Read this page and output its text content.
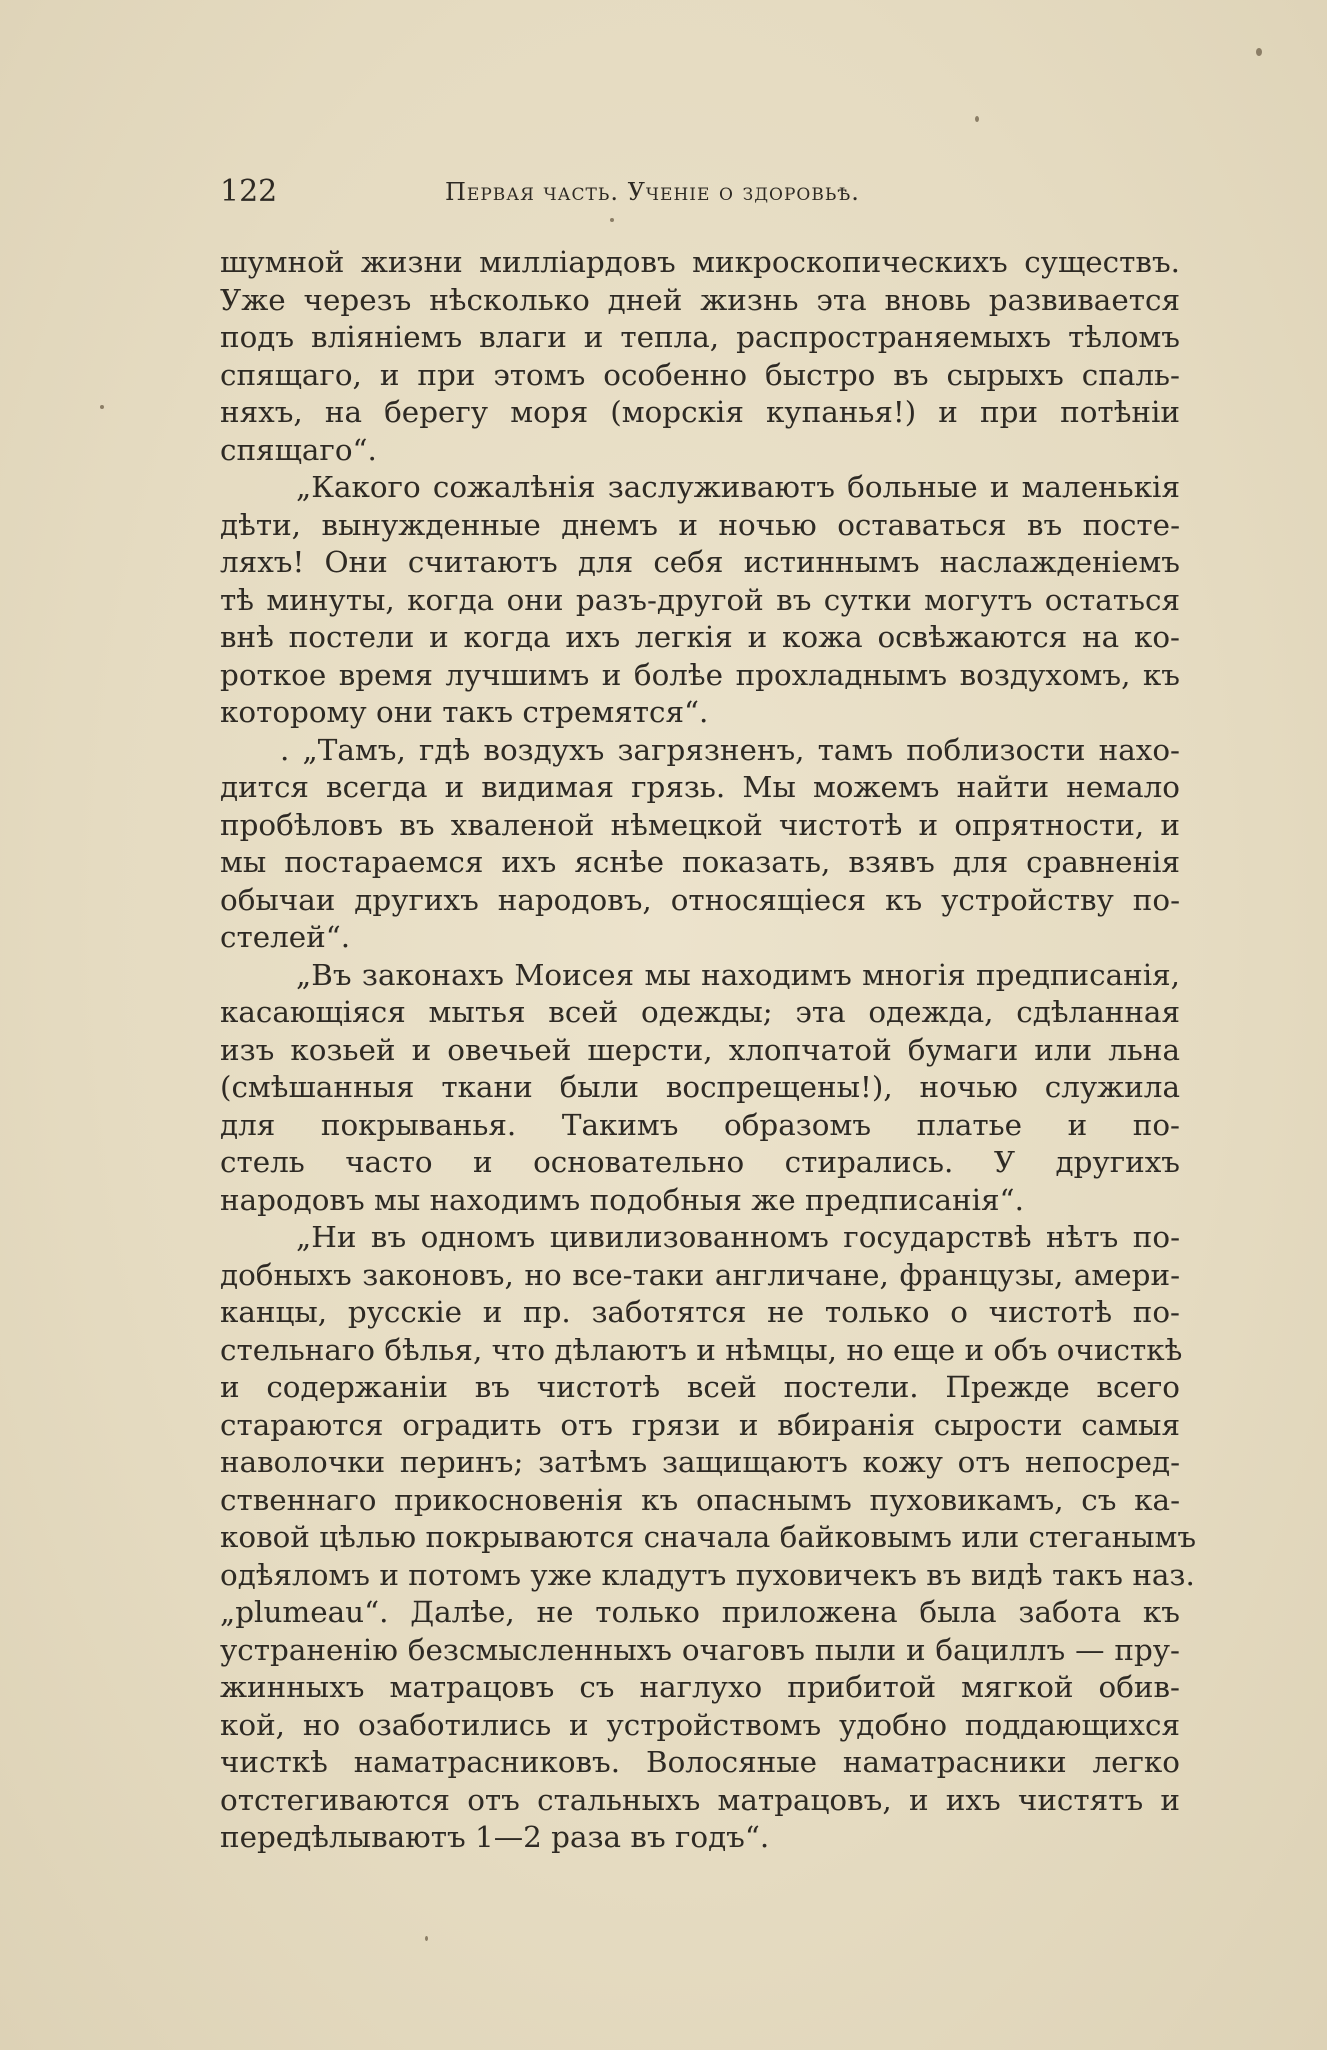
122	Первая часть. Ученіе о здоровьѣ.
шумной жизни милліардовъ микроскопическихъ существъ.
Уже черезъ нѣсколько дней жизнь эта вновь развивается
подъ вліяніемъ влаги и тепла, распространяемыхъ тѣломъ
спящаго, и при этомъ особенно быстро въ сырыхъ спаль-
няхъ, на берегу моря (морскія купанья!) и при потѣніи
спящаго“.
„Какого сожалѣнія заслуживаютъ больные и маленькія
дѣти, вынужденные днемъ и ночью оставаться въ посте-
ляхъ! Они считаютъ для себя истиннымъ наслажденіемъ
тѣ минуты, когда они разъ-другой въ сутки могутъ остаться
внѣ постели и когда ихъ легкія и кожа освѣжаются на ко-
роткое время лучшимъ и болѣе прохладнымъ воздухомъ, къ
которому они такъ стремятся“.
. „Тамъ, гдѣ воздухъ загрязненъ, тамъ поблизости нахо-
дится всегда и видимая грязь. Мы можемъ найти немало
пробѣловъ въ хваленой нѣмецкой чистотѣ и опрятности, и
мы постараемся ихъ яснѣе показать, взявъ для сравненія
обычаи другихъ народовъ, относящіеся къ устройству по-
стелей“.
„Въ законахъ Моисея мы находимъ многія предписанія,
касающіяся мытья всей одежды; эта одежда, сдѣланная
изъ козьей и овечьей шерсти, хлопчатой бумаги или льна
(смѣшанныя ткани были воспрещены!), ночью служила
для покрыванья. Такимъ образомъ платье и по-
стель часто и основательно стирались. У другихъ
народовъ мы находимъ подобныя же предписанія“.
„Ни въ одномъ цивилизованномъ государствѣ нѣтъ по-
добныхъ законовъ, но все-таки англичане, французы, амери-
канцы, русскіе и пр. заботятся не только о чистотѣ по-
стельнаго бѣлья, что дѣлаютъ и нѣмцы, но еще и объ очисткѣ
и содержаніи въ чистотѣ всей постели. Прежде всего
стараются оградить отъ грязи и вбиранія сырости самыя
наволочки перинъ; затѣмъ защищаютъ кожу отъ непосред-
ственнаго прикосновенія къ опаснымъ пуховикамъ, съ ка-
ковой цѣлью покрываются сначала байковымъ или стеганымъ
одѣяломъ и потомъ уже кладутъ пуховичекъ въ видѣ такъ наз.
„plumeau“. Далѣе, не только приложена была забота къ
устраненію безсмысленныхъ очаговъ пыли и бациллъ — пру-
жинныхъ матрацовъ съ наглухо прибитой мягкой обив-
кой, но озаботились и устройствомъ удобно поддающихся
чисткѣ наматрасниковъ. Волосяные наматрасники легко
отстегиваются отъ стальныхъ матрацовъ, и ихъ чистятъ и
передѣлываютъ 1—2 раза въ годъ“.
